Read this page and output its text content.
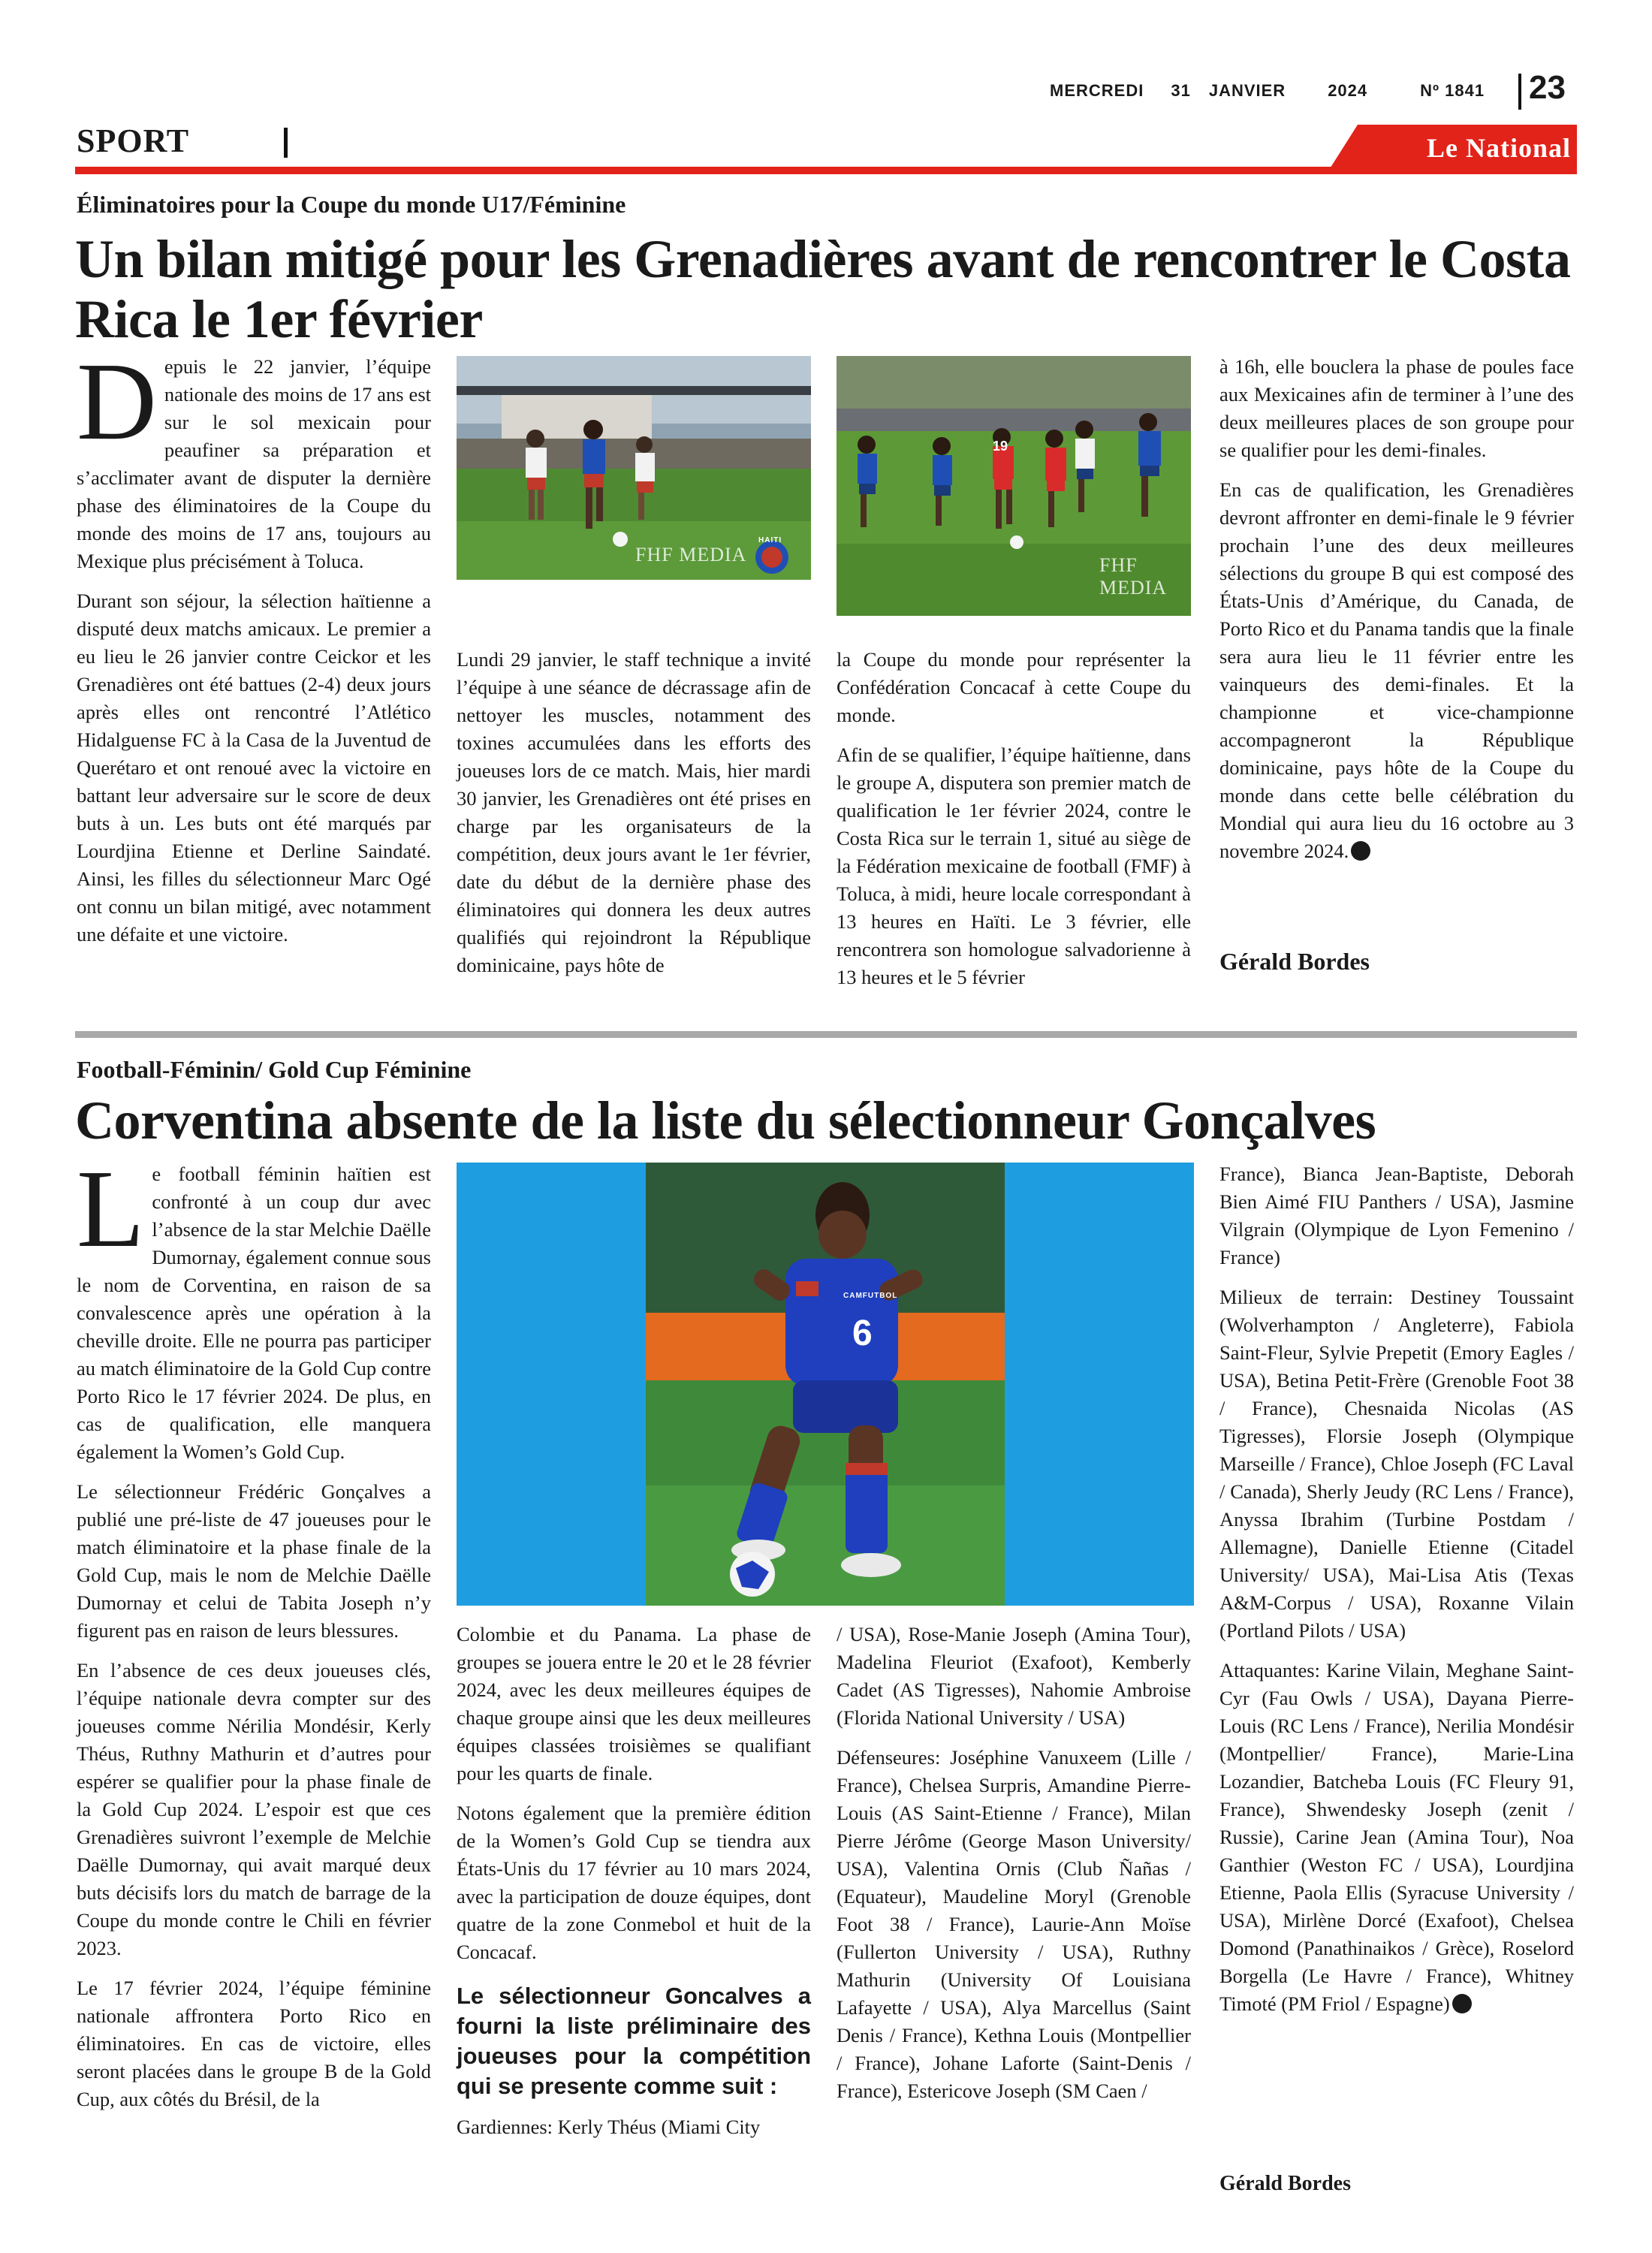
MERCREDI 31 JANVIER	2024	Nº 1841 23
SPORT	Le National
Éliminatoires pour la Coupe du monde U17/Féminine
Un bilan mitigé pour les Grenadières avant de rencontrer le Costa Rica le 1er février

Depuis le 22 janvier, l’équipe nationale des moins de 17 ans est sur le sol mexicain pour peaufiner sa préparation et s’acclimater avant de disputer la dernière phase des éliminatoires de la Coupe du monde des moins de 17 ans, toujours au Mexique plus précisément à Toluca.

Durant son séjour, la sélection haïtienne a disputé deux matchs amicaux. Le premier a eu lieu le 26 janvier contre Ceickor et les Grenadières ont été battues (2-4) deux jours après elles ont rencontré l’Atlético Hidalguense FC à la Casa de la Juventud de Querétaro et ont renoué avec la victoire en battant leur adversaire sur le score de deux buts à un. Les buts ont été marqués par Lourdjina Etienne et Derline Saindaté. Ainsi, les filles du sélectionneur Marc Ogé ont connu un bilan mitigé, avec notamment une défaite et une victoire.

FHF MEDIA
HAITI
19
FHF MEDIA

Lundi 29 janvier, le staff technique a invité l’équipe à une séance de décrassage afin de nettoyer les muscles, notamment des toxines accumulées dans les efforts des joueuses lors de ce match. Mais, hier mardi 30 janvier, les Grenadières ont été prises en charge par les organisateurs de la compétition, deux jours avant le 1er février, date du début de la dernière phase des éliminatoires qui donnera les deux autres qualifiés qui rejoindront la République dominicaine, pays hôte de

la Coupe du monde pour représenter la Confédération Concacaf à cette Coupe du monde.

Afin de se qualifier, l’équipe haïtienne, dans le groupe A, disputera son premier match de qualification le 1er février 2024, contre le Costa Rica sur le terrain 1, situé au siège de la Fédération mexicaine de football (FMF) à Toluca, à midi, heure locale correspondant à 13 heures en Haïti. Le 3 février, elle rencontrera son homologue salvadorienne à 13 heures et le 5 février

à 16h, elle bouclera la phase de poules face aux Mexicaines afin de terminer à l’une des deux meilleures places de son groupe pour se qualifier pour les demi-finales.

En cas de qualification, les Grenadières devront affronter en demi-finale le 9 février prochain l’une des deux meilleures sélections du groupe B qui est composé des États-Unis d’Amérique, du Canada, de Porto Rico et du Panama tandis que la finale sera aura lieu le 11 février entre les vainqueurs des demi-finales. Et la championne et vice-championne accompagneront la République dominicaine, pays hôte de la Coupe du monde dans cette belle célébration du Mondial qui aura lieu du 16 octobre au 3 novembre 2024.

Gérald Bordes
Football-Féminin/ Gold Cup Féminine
Corventina absente de la liste du sélectionneur Gonçalves

Le football féminin haïtien est confronté à un coup dur avec l’absence de la star Melchie Daëlle Dumornay, également connue sous le nom de Corventina, en raison de sa convalescence après une opération à la cheville droite. Elle ne pourra pas participer au match éliminatoire de la Gold Cup contre Porto Rico le 17 février 2024. De plus, en cas de qualification, elle manquera également la Women’s Gold Cup.

Le sélectionneur Frédéric Gonçalves a publié une pré-liste de 47 joueuses pour le match éliminatoire et la phase finale de la Gold Cup, mais le nom de Melchie Daëlle Dumornay et celui de Tabita Joseph n’y figurent pas en raison de leurs blessures.

En l’absence de ces deux joueuses clés, l’équipe nationale devra compter sur des joueuses comme Nérilia Mondésir, Kerly Théus, Ruthny Mathurin et d’autres pour espérer se qualifier pour la phase finale de la Gold Cup 2024. L’espoir est que ces Grenadières suivront l’exemple de Melchie Daëlle Dumornay, qui avait marqué deux buts décisifs lors du match de barrage de la Coupe du monde contre le Chili en février 2023.

Le 17 février 2024, l’équipe féminine nationale affrontera Porto Rico en éliminatoires. En cas de victoire, elles seront placées dans le groupe B de la Gold Cup, aux côtés du Brésil, de la

6
CAMFUTBOL

Colombie et du Panama. La phase de groupes se jouera entre le 20 et le 28 février 2024, avec les deux meilleures équipes de chaque groupe ainsi que les deux meilleures équipes classées troisièmes se qualifiant pour les quarts de finale.

Notons également que la première édition de la Women’s Gold Cup se tiendra aux États-Unis du 17 février au 10 mars 2024, avec la participation de douze équipes, dont quatre de la zone Conmebol et huit de la Concacaf.

Le sélectionneur Goncalves a fourni la liste préliminaire des joueuses pour la compétition qui se presente comme suit :

Gardiennes: Kerly Théus (Miami City

/ USA), Rose-Manie Joseph (Amina Tour), Madelina Fleuriot (Exafoot), Kemberly Cadet (AS Tigresses), Nahomie Ambroise (Florida National University / USA)

Défenseures: Joséphine Vanuxeem (Lille / France), Chelsea Surpris, Amandine Pierre-Louis (AS Saint-Etienne / France), Milan Pierre Jérôme (George Mason University/ USA), Valentina Ornis (Club Ñañas / (Equateur), Maudeline Moryl (Grenoble Foot 38 / France), Laurie-Ann Moïse (Fullerton University / USA), Ruthny Mathurin (University Of Louisiana Lafayette / USA), Alya Marcellus (Saint Denis / France), Kethna Louis (Montpellier / France), Johane Laforte (Saint-Denis / France), Estericove Joseph (SM Caen /

France), Bianca Jean-Baptiste, Deborah Bien Aimé FIU Panthers / USA), Jasmine Vilgrain (Olympique de Lyon Femenino / France)

Milieux de terrain: Destiney Toussaint (Wolverhampton / Angleterre), Fabiola Saint-Fleur, Sylvie Prepetit (Emory Eagles / USA), Betina Petit-Frère (Grenoble Foot 38 / France), Chesnaida Nicolas (AS Tigresses), Florsie Joseph (Olympique Marseille / France), Chloe Joseph (FC Laval / Canada), Sherly Jeudy (RC Lens / France), Anyssa Ibrahim (Turbine Postdam / Allemagne), Danielle Etienne (Citadel University/ USA), Mai-Lisa Atis (Texas A&M-Corpus / USA), Roxanne Vilain (Portland Pilots / USA)

Attaquantes: Karine Vilain, Meghane Saint-Cyr (Fau Owls / USA), Dayana Pierre-Louis (RC Lens / France), Nerilia Mondésir (Montpellier/ France), Marie-Lina Lozandier, Batcheba Louis (FC Fleury 91, France), Shwendesky Joseph (zenit / Russie), Carine Jean (Amina Tour), Noa Ganthier (Weston FC / USA), Lourdjina Etienne, Paola Ellis (Syracuse University / USA), Mirlène Dorcé (Exafoot), Chelsea Domond (Panathinaikos / Grèce), Roselord Borgella (Le Havre / France), Whitney Timoté (PM Friol / Espagne)

Gérald Bordes
